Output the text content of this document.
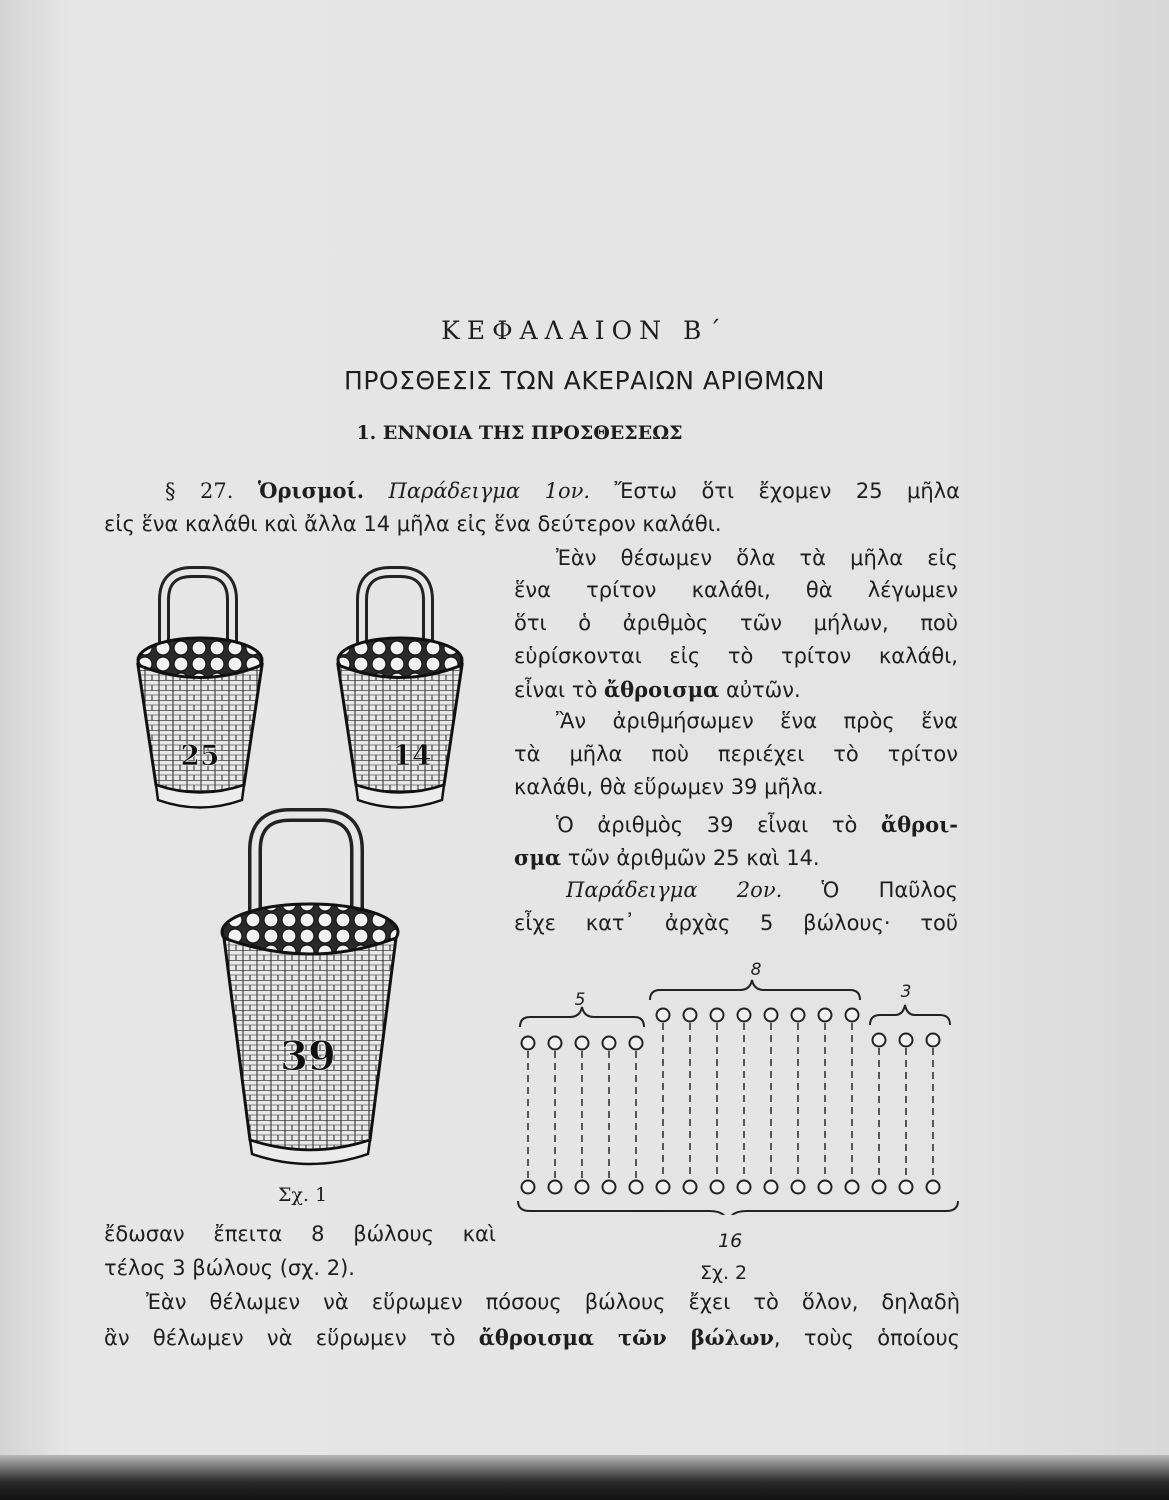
ΚΕΦΑΛΑΙΟΝ Β΄

ΠΡΟΣΘΕΣΙΣ ΤΩΝ ΑΚΕΡΑΙΩΝ ΑΡΙΘΜΩΝ

1. ΕΝΝΟΙΑ ΤΗΣ ΠΡΟΣΘΕΣΕΩΣ

§ 27. Ὁρισμοί. Παράδειγμα 1ον. Ἔστω ὅτι ἔχομεν 25 μῆλα
εἰς ἕνα καλάθι καὶ ἄλλα 14 μῆλα εἰς ἕνα δεύτερον καλάθι.
Ἐὰν θέσωμεν ὅλα τὰ μῆλα εἰς
ἕνα τρίτον καλάθι, θὰ λέγωμεν
ὅτι ὁ ἀριθμὸς τῶν μήλων, ποὺ
εὑρίσκονται εἰς τὸ τρίτον καλάθι,
εἶναι τὸ ἄθροισμα αὐτῶν.
Ἂν ἀριθμήσωμεν ἕνα πρὸς ἕνα
τὰ μῆλα ποὺ περιέχει τὸ τρίτον
καλάθι, θὰ εὕρωμεν 39 μῆλα.
Ὁ ἀριθμὸς 39 εἶναι τὸ ἄθροι-
σμα τῶν ἀριθμῶν 25 καὶ 14.
Παράδειγμα 2ον. Ὁ Παῦλος
εἶχε κατ᾽ ἀρχὰς 5 βώλους· τοῦ
ἔδωσαν ἔπειτα 8 βώλους καὶ
τέλος 3 βώλους (σχ. 2).
Ἐὰν θέλωμεν νὰ εὕρωμεν πόσους βώλους ἔχει τὸ ὅλον, δηλαδὴ
ἂν θέλωμεν νὰ εὕρωμεν τὸ ἄθροισμα τῶν βώλων, τοὺς ὁποίους
25	14
39
Σχ. 1
5
8
3
16
Σχ. 2
